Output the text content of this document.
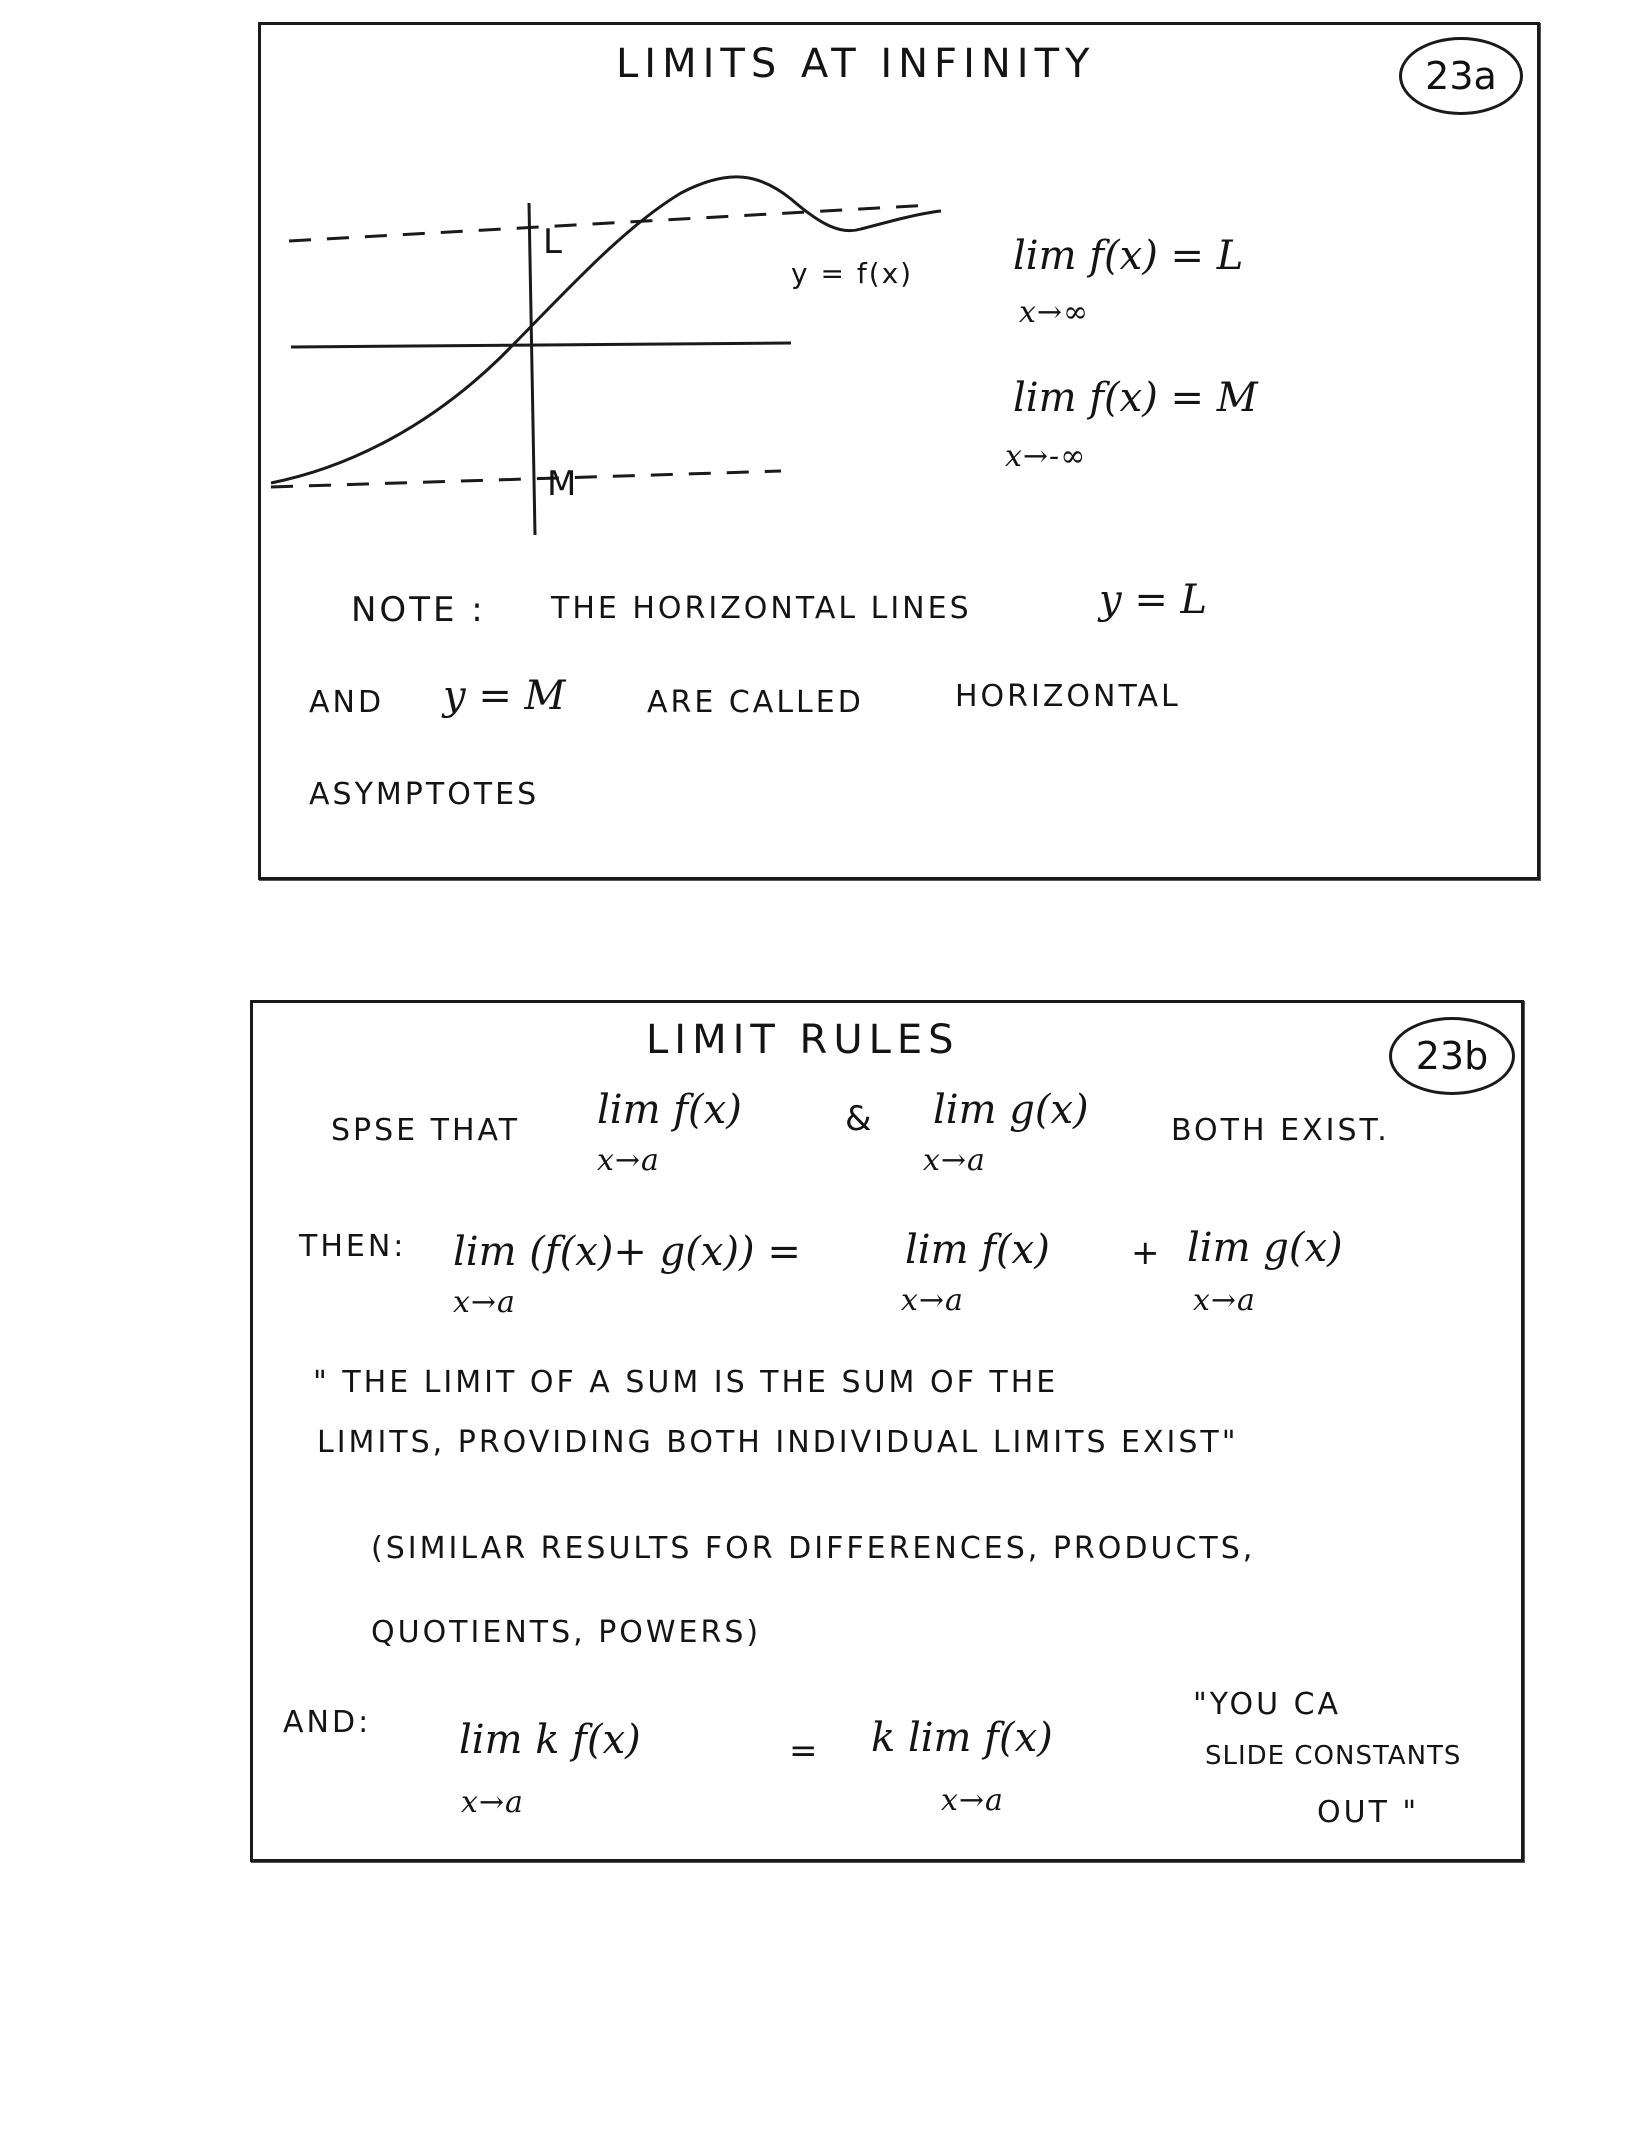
LIMITS AT INFINITY	23a
L
M
y = f(x) lim f(x) = L
x→∞
lim f(x) = M
x→-∞
NOTE : THE HORIZONTAL LINES	y = L
AND y = M	ARE CALLED	HORIZONTAL
ASYMPTOTES
LIMIT RULES	23b
SPSE THAT lim f(x)
x→a
& lim g(x)
x→a
BOTH EXIST.
THEN: lim (f(x)+ g(x)) =
x→a
lim f(x)
x→a
+ lim g(x)
x→a
" THE LIMIT OF A SUM IS THE SUM OF THE
LIMITS, PROVIDING BOTH INDIVIDUAL LIMITS EXIST"
(SIMILAR RESULTS FOR DIFFERENCES, PRODUCTS,
QUOTIENTS, POWERS)
AND: lim k f(x)
x→a
= k lim f(x)
x→a
"YOU CA
SLIDE CONSTANTS
OUT "
